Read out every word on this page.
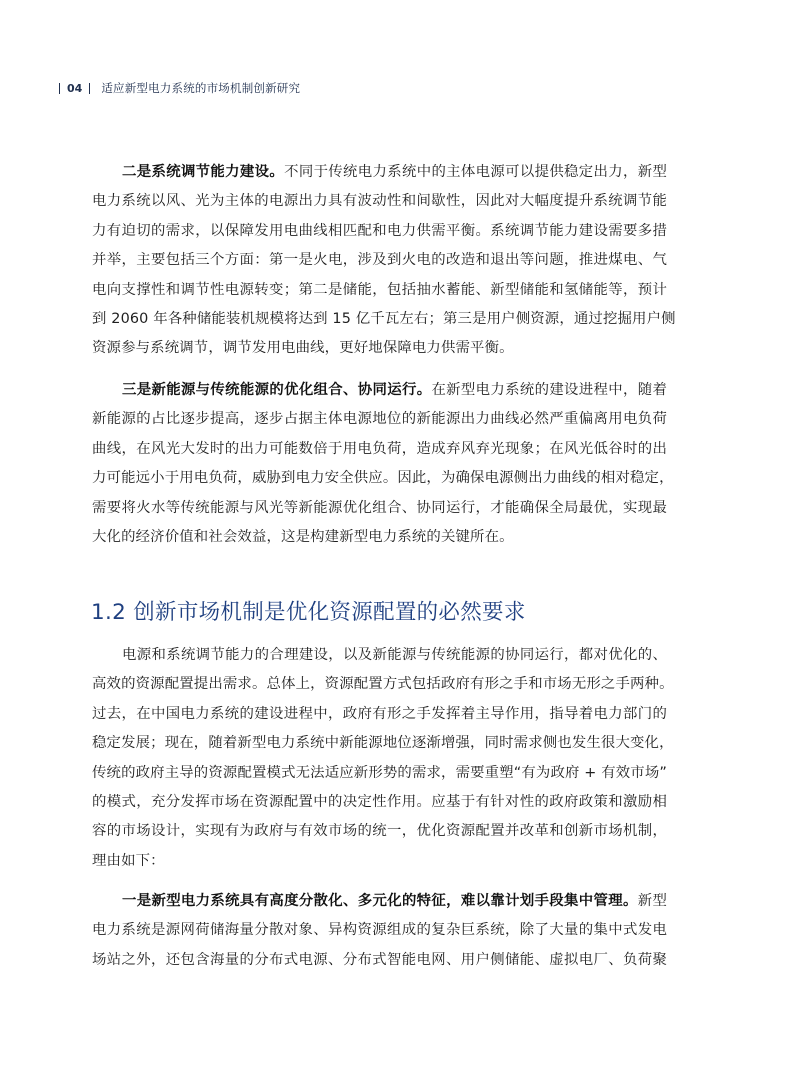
04 适应新型电力系统的市场机制创新研究
二是系统调节能力建设。不同于传统电力系统中的主体电源可以提供稳定出力，新型
电力系统以风、光为主体的电源出力具有波动性和间歇性，因此对大幅度提升系统调节能
力有迫切的需求，以保障发用电曲线相匹配和电力供需平衡。系统调节能力建设需要多措
并举，主要包括三个方面：第一是火电，涉及到火电的改造和退出等问题，推进煤电、气
电向支撑性和调节性电源转变；第二是储能，包括抽水蓄能、新型储能和氢储能等，预计
到 2060 年各种储能装机规模将达到 15 亿千瓦左右；第三是用户侧资源，通过挖掘用户侧
资源参与系统调节，调节发用电曲线，更好地保障电力供需平衡。
三是新能源与传统能源的优化组合、协同运行。在新型电力系统的建设进程中，随着
新能源的占比逐步提高，逐步占据主体电源地位的新能源出力曲线必然严重偏离用电负荷
曲线，在风光大发时的出力可能数倍于用电负荷，造成弃风弃光现象；在风光低谷时的出
力可能远小于用电负荷，威胁到电力安全供应。因此，为确保电源侧出力曲线的相对稳定，
需要将火水等传统能源与风光等新能源优化组合、协同运行，才能确保全局最优，实现最
大化的经济价值和社会效益，这是构建新型电力系统的关键所在。
1.2 创新市场机制是优化资源配置的必然要求
电源和系统调节能力的合理建设，以及新能源与传统能源的协同运行，都对优化的、
高效的资源配置提出需求。总体上，资源配置方式包括政府有形之手和市场无形之手两种。
过去，在中国电力系统的建设进程中，政府有形之手发挥着主导作用，指导着电力部门的
稳定发展；现在，随着新型电力系统中新能源地位逐渐增强，同时需求侧也发生很大变化，
传统的政府主导的资源配置模式无法适应新形势的需求，需要重塑“有为政府 + 有效市场”
的模式，充分发挥市场在资源配置中的决定性作用。应基于有针对性的政府政策和激励相
容的市场设计，实现有为政府与有效市场的统一，优化资源配置并改革和创新市场机制，
理由如下：
一是新型电力系统具有高度分散化、多元化的特征，难以靠计划手段集中管理。新型
电力系统是源网荷储海量分散对象、异构资源组成的复杂巨系统，除了大量的集中式发电
场站之外，还包含海量的分布式电源、分布式智能电网、用户侧储能、虚拟电厂、负荷聚
